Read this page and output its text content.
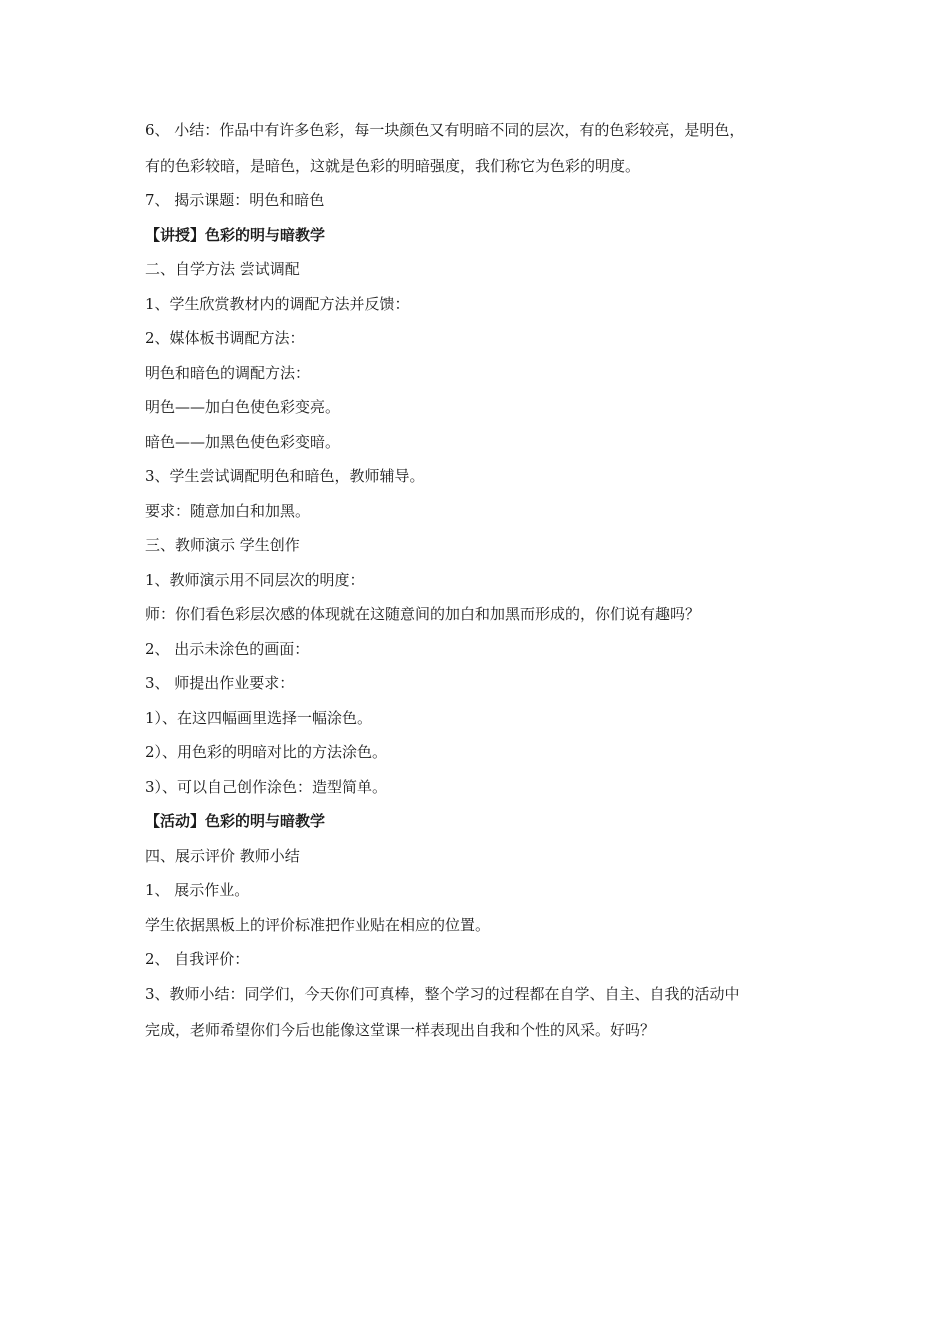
6、 小结：作品中有许多色彩，每一块颜色又有明暗不同的层次，有的色彩较亮，是明色，
有的色彩较暗，是暗色，这就是色彩的明暗强度，我们称它为色彩的明度。
7、 揭示课题：明色和暗色
【讲授】色彩的明与暗教学
二、自学方法 尝试调配
1、学生欣赏教材内的调配方法并反馈：
2、媒体板书调配方法：
明色和暗色的调配方法：
明色——加白色使色彩变亮。
暗色——加黑色使色彩变暗。
3、学生尝试调配明色和暗色，教师辅导。
要求：随意加白和加黑。
三、教师演示 学生创作
1、教师演示用不同层次的明度：
师：你们看色彩层次感的体现就在这随意间的加白和加黑而形成的，你们说有趣吗？
2、 出示未涂色的画面：
3、 师提出作业要求：
1）、在这四幅画里选择一幅涂色。
2）、用色彩的明暗对比的方法涂色。
3）、可以自己创作涂色：造型简单。
【活动】色彩的明与暗教学
四、展示评价 教师小结
1、 展示作业。
学生依据黑板上的评价标准把作业贴在相应的位置。
2、 自我评价：
3、教师小结：同学们，今天你们可真棒，整个学习的过程都在自学、自主、自我的活动中
完成，老师希望你们今后也能像这堂课一样表现出自我和个性的风采。好吗？
